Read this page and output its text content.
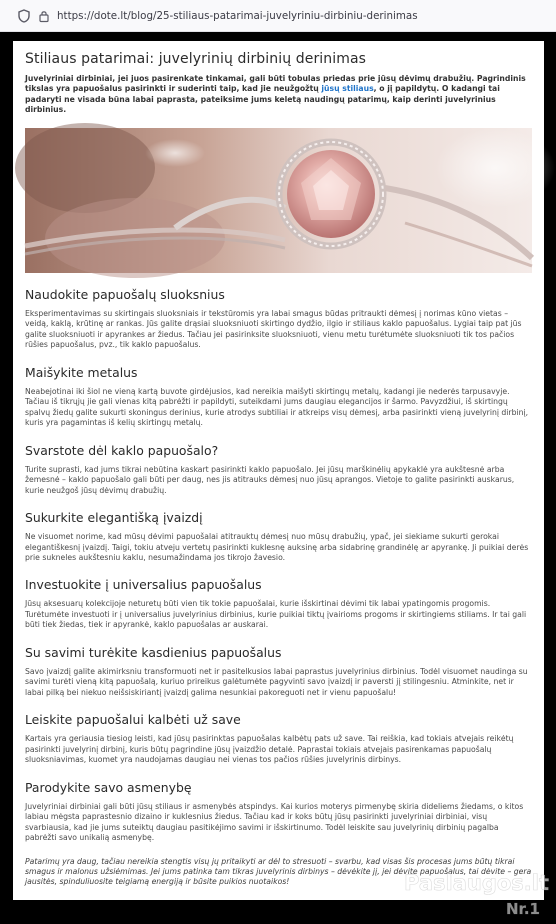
https://dote.lt/blog/25-stiliaus-patarimai-juvelyriniu-dirbiniu-derinimas
Stiliaus patarimai: juvelyrinių dirbinių derinimas

Juvelyriniai dirbiniai, jei juos pasirenkate tinkamai, gali būti tobulas priedas prie jūsų dėvimų drabužių. Pagrindinis tikslas yra papuošalus pasirinkti ir suderinti taip, kad jie neužgožtų jūsų stiliaus, o jį papildytų. O kadangi tai padaryti ne visada būna labai paprasta, pateiksime jums keletą naudingų patarimų, kaip derinti juvelyrinius dirbinius.

Naudokite papuošalų sluoksnius

Eksperimentavimas su skirtingais sluoksniais ir tekstūromis yra labai smagus būdas pritraukti dėmesį į norimas kūno vietas – veidą, kaklą, krūtinę ar rankas. Jūs galite drąsiai sluoksniuoti skirtingo dydžio, ilgio ir stiliaus kaklo papuošalus. Lygiai taip pat jūs galite sluoksniuoti ir apyrankes ar žiedus. Tačiau jei pasirinksite sluoksniuoti, vienu metu turėtumėte sluoksniuoti tik tos pačios rūšies papuošalus, pvz., tik kaklo papuošalus.

Maišykite metalus

Neabejotinai iki šiol ne vieną kartą buvote girdėjusios, kad nereikia maišyti skirtingų metalų, kadangi jie nederės tarpusavyje. Tačiau iš tikrųjų jie gali vienas kitą pabrėžti ir papildyti, suteikdami jums daugiau elegancijos ir šarmo. Pavyzdžiui, iš skirtingų spalvų žiedų galite sukurti skoningus derinius, kurie atrodys subtiliai ir atkreips visų dėmesį, arba pasirinkti vieną juvelyrinį dirbinį, kuris yra pagamintas iš kelių skirtingų metalų.

Svarstote dėl kaklo papuošalo?

Turite suprasti, kad jums tikrai nebūtina kaskart pasirinkti kaklo papuošalo. Jei jūsų marškinėlių apykaklė yra aukštesnė arba žemesnė – kaklo papuošalo gali būti per daug, nes jis atitrauks dėmesį nuo jūsų aprangos. Vietoje to galite pasirinkti auskarus, kurie neužgoš jūsų dėvimų drabužių.

Sukurkite elegantišką įvaizdį

Ne visuomet norime, kad mūsų dėvimi papuošalai atitrauktų dėmesį nuo mūsų drabužių, ypač, jei siekiame sukurti gerokai elegantiškesnį įvaizdį. Taigi, tokiu atveju vertetų pasirinkti kuklesnę auksinę arba sidabrinę grandinėlę ar apyrankę. Ji puikiai derės prie sukneles aukštesniu kaklu, nesumažindama jos tikrojo žavesio.

Investuokite į universalius papuošalus

Jūsų aksesuarų kolekcijoje neturetų būti vien tik tokie papuošalai, kurie išskirtinai dėvimi tik labai ypatingomis progomis. Turėtumėte investuoti ir į universalius juvelyrinius dirbinius, kurie puikiai tiktų įvairioms progoms ir skirtingiems stiliams. Ir tai gali būti tiek žiedas, tiek ir apyrankė, kaklo papuošalas ar auskarai.

Su savimi turėkite kasdienius papuošalus

Savo įvaizdį galite akimirksniu transformuoti net ir pasitelkusios labai paprastus juvelyrinius dirbinius. Todėl visuomet naudinga su savimi turėti vieną kitą papuošalą, kuriuo prireikus galėtumėte pagyvinti savo įvaizdį ir paversti jį stilingesniu. Atminkite, net ir labai pilką bei niekuo neišsiskiriantį įvaizdį galima nesunkiai pakoreguoti net ir vienu papuošalu!

Leiskite papuošalui kalbėti už save

Kartais yra geriausia tiesiog leisti, kad jūsų pasirinktas papuošalas kalbėtų pats už save. Tai reiškia, kad tokiais atvejais reikėtų pasirinkti juvelyrinį dirbinį, kuris būtų pagrindine jūsų įvaizdžio detalė. Paprastai tokiais atvejais pasirenkamas papuošalų sluoksniavimas, kuomet yra naudojamas daugiau nei vienas tos pačios rūšies juvelyrinis dirbinys.

Parodykite savo asmenybę

Juvelyriniai dirbiniai gali būti jūsų stiliaus ir asmenybės atspindys. Kai kurios moterys pirmenybę skiria dideliems žiedams, o kitos labiau mėgsta paprastesnio dizaino ir kuklesnius žiedus. Tačiau kad ir koks būtų jūsų pasirinkti juvelyriniai dirbiniai, visų svarbiausia, kad jie jums suteiktų daugiau pasitikėjimo savimi ir išskirtinumo. Todėl leiskite sau juvelyrinių dirbinių pagalba pabrėžti savo unikalią asmenybę.

Patarimų yra daug, tačiau nereikia stengtis visų jų pritaikyti ar dėl to stresuoti – svarbu, kad visas šis procesas jums būtų tikrai smagus ir malonus užsiėmimas. Jei jums patinka tam tikras juvelyrinis dirbinys – dėvėkite jį, jei dėvite papuošalus, tai dėvite – gera jausitės, spinduliuosite teigiamą energiją ir būsite puikios nuotaikos!	Paslaugos.lt
Nr.1
